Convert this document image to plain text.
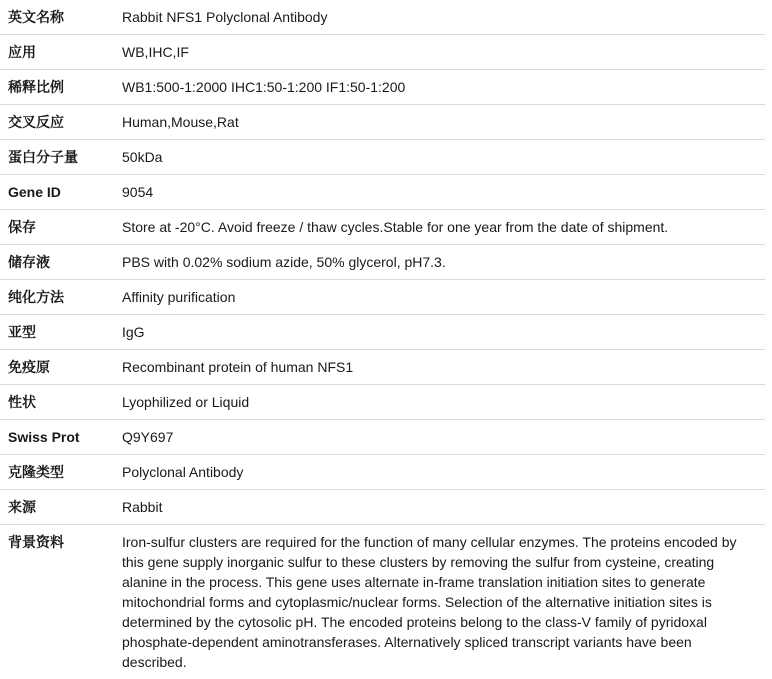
英文名称	Rabbit NFS1 Polyclonal Antibody
应用	WB,IHC,IF
稀释比例	WB1:500-1:2000 IHC1:50-1:200 IF1:50-1:200
交叉反应	Human,Mouse,Rat
蛋白分子量	50kDa
Gene ID	9054
保存	Store at -20°C. Avoid freeze / thaw cycles.Stable for one year from the date of shipment.
储存液	PBS with 0.02% sodium azide, 50% glycerol, pH7.3.
纯化方法	Affinity purification
亚型	IgG
免疫原	Recombinant protein of human NFS1
性状	Lyophilized or Liquid
Swiss Prot	Q9Y697
克隆类型	Polyclonal Antibody
来源	Rabbit
背景资料	Iron-sulfur clusters are required for the function of many cellular enzymes. The proteins encoded by this gene supply inorganic sulfur to these clusters by removing the sulfur from cysteine, creating alanine in the process. This gene uses alternate in-frame translation initiation sites to generate mitochondrial forms and cytoplasmic/nuclear forms. Selection of the alternative initiation sites is determined by the cytosolic pH. The encoded proteins belong to the class-V family of pyridoxal phosphate-dependent aminotransferases. Alternatively spliced transcript variants have been described.
